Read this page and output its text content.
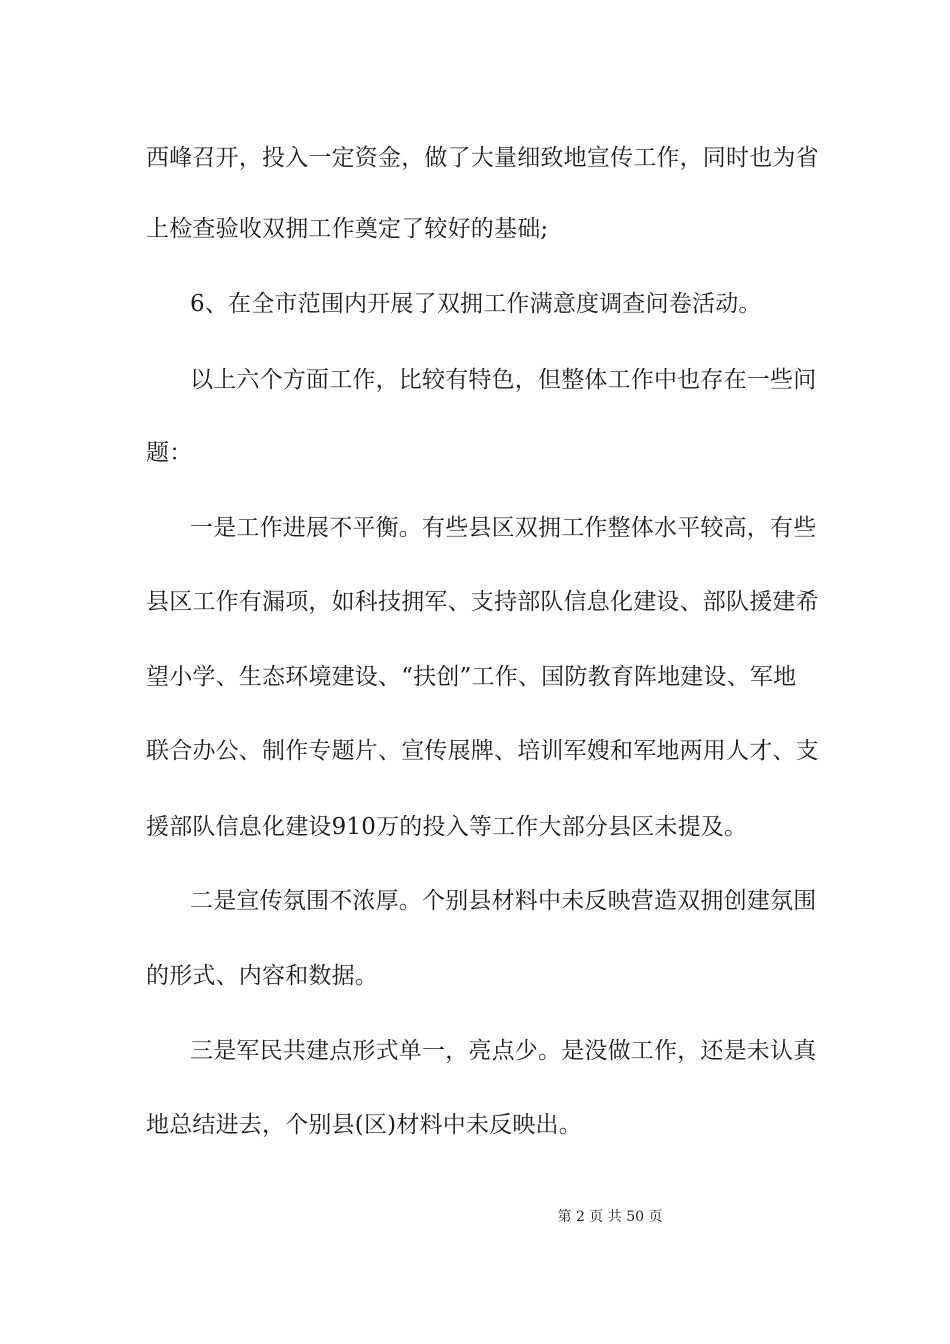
西峰召开，投入一定资金，做了大量细致地宣传工作，同时也为省
上检查验收双拥工作奠定了较好的基础;
6、在全市范围内开展了双拥工作满意度调查问卷活动。
以上六个方面工作，比较有特色，但整体工作中也存在一些问
题：
一是工作进展不平衡。有些县区双拥工作整体水平较高，有些
县区工作有漏项，如科技拥军、支持部队信息化建设、部队援建希
望小学、生态环境建设、“扶创”工作、国防教育阵地建设、军地
联合办公、制作专题片、宣传展牌、培训军嫂和军地两用人才、支
援部队信息化建设910万的投入等工作大部分县区未提及。
二是宣传氛围不浓厚。个别县材料中未反映营造双拥创建氛围
的形式、内容和数据。
三是军民共建点形式单一，亮点少。是没做工作，还是未认真
地总结进去，个别县(区)材料中未反映出。
第 2 页 共 50 页
